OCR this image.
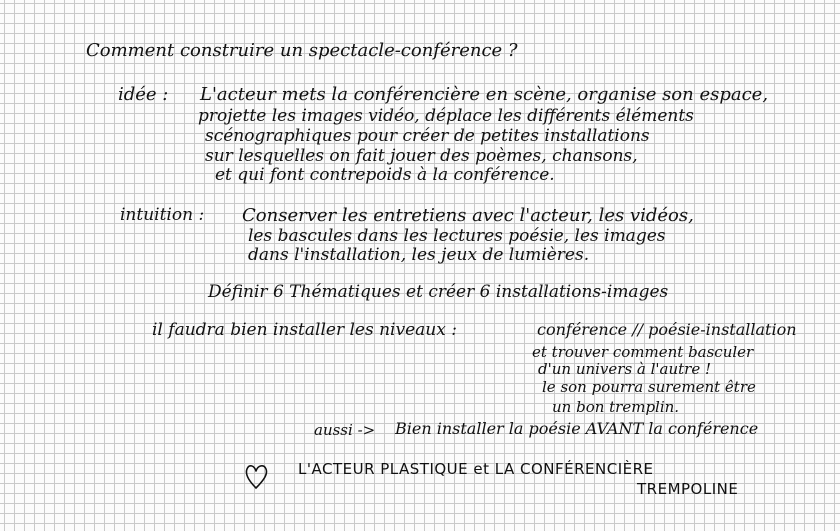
Comment construire un spectacle-conférence ?
idée : L'acteur mets la conférencière en scène, organise son espace,
projette les images vidéo, déplace les différents éléments
scénographiques pour créer de petites installations
sur lesquelles on fait jouer des poèmes, chansons,
et qui font contrepoids à la conférence.
intuition : Conserver les entretiens avec l'acteur, les vidéos,
les bascules dans les lectures poésie, les images
dans l'installation, les jeux de lumières.
Définir 6 Thématiques et créer 6 installations-images
il faudra bien installer les niveaux :	conférence // poésie-installation
et trouver comment basculer
d'un univers à l'autre !
le son pourra surement être
un bon tremplin.
aussi -> Bien installer la poésie AVANT la conférence
L'ACTEUR PLASTIQUE et LA CONFÉRENCIÈRE
TREMPOLINE
